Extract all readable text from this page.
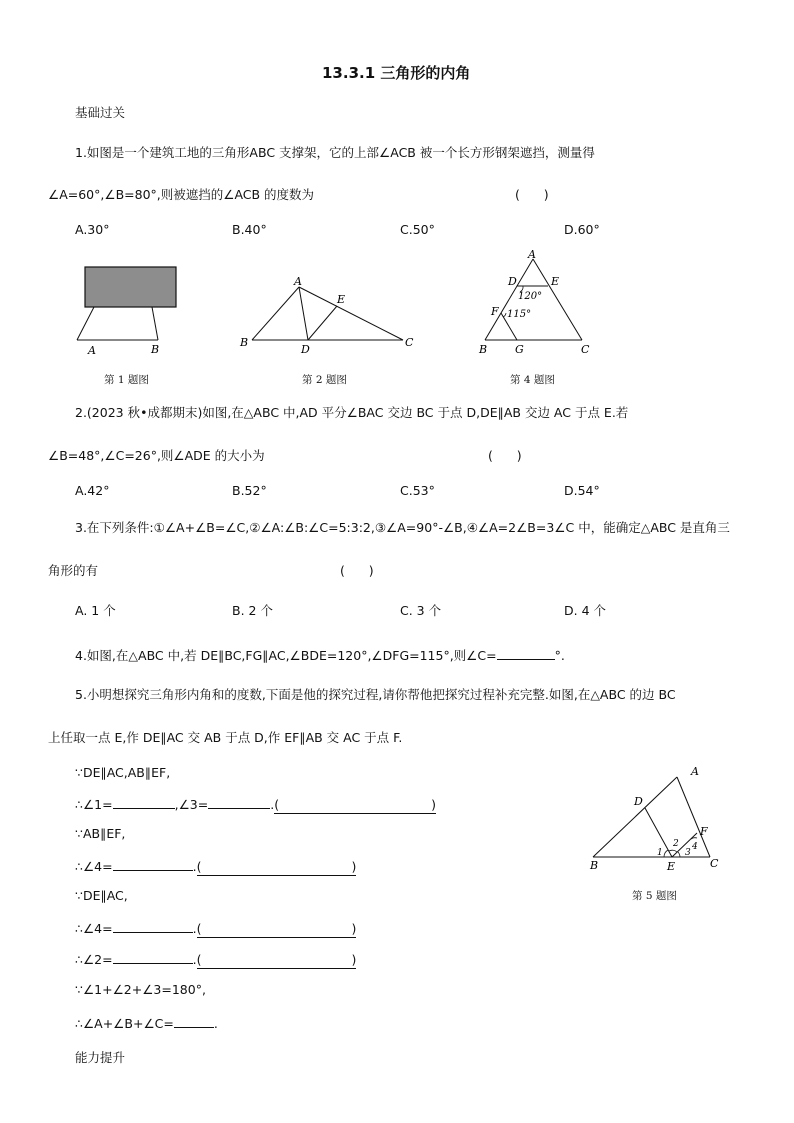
13.3.1 三角形的内角
基础过关
1.如图是一个建筑工地的三角形ABC 支撑架，它的上部∠ACB 被一个长方形钢架遮挡，测量得
∠A=60°,∠B=80°,则被遮挡的∠ACB 的度数为	(      )
A.30°	B.40°	C.50°	D.60°
A	B
第 1 题图
A
E
B
D
C
第 2 题图
A
D	E
120°
F 115°
B	G	C
第 4 题图
2.(2023 秋•成都期末)如图,在△ABC 中,AD 平分∠BAC 交边 BC 于点 D,DE∥AB 交边 AC 于点 E.若
∠B=48°,∠C=26°,则∠ADE 的大小为	(      )
A.42°	B.52°	C.53°	D.54°
3.在下列条件:①∠A+∠B=∠C,②∠A:∠B:∠C=5:3:2,③∠A=90°-∠B,④∠A=2∠B=3∠C 中，能确定△ABC 是直角三
角形的有	(      )
A. 1 个	B. 2 个	C. 3 个	D. 4 个
4.如图,在△ABC 中,若 DE∥BC,FG∥AC,∠BDE=120°,∠DFG=115°,则∠C=	°.
5.小明想探究三角形内角和的度数,下面是他的探究过程,请你帮他把探究过程补充完整.如图,在△ABC 的边 BC
上任取一点 E,作 DE∥AC 交 AB 于点 D,作 EF∥AB 交 AC 于点 F.
∵DE∥AC,AB∥EF,
∴∠1=	,∠3=	.(	)
∵AB∥EF,
∴∠4=	.(	)
∵DE∥AC,
∴∠4=	.(	)
∴∠2=	.(	)
∵∠1+∠2+∠3=180°,
∴∠A+∠B+∠C=	.
A
D
F
2 4
1 3
B	E	C
第 5 题图
能力提升
